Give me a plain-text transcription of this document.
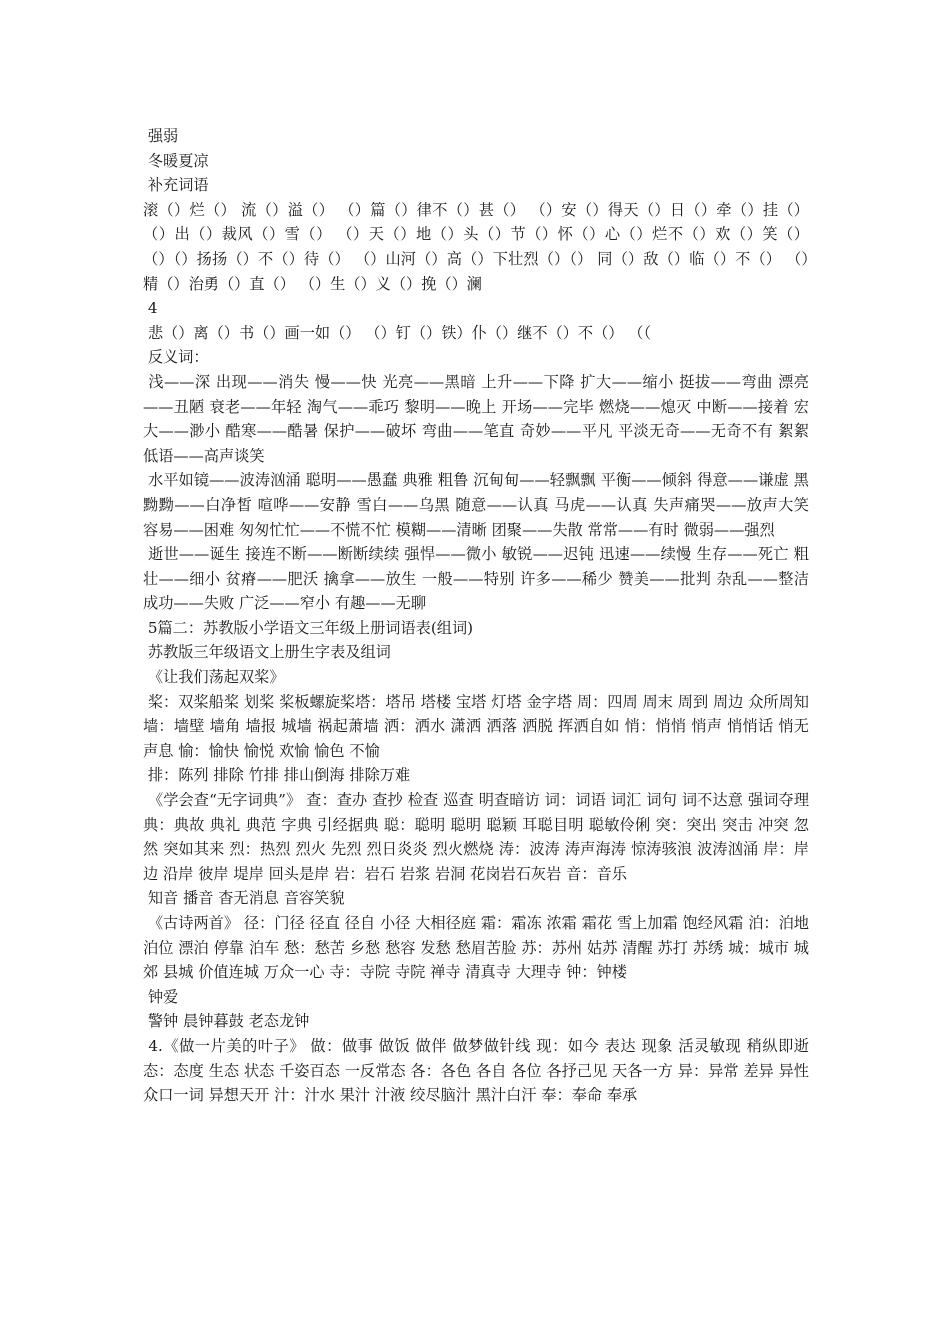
强弱

冬暖夏凉

补充词语

滚（）烂（） 流（）溢（） （）篇（）律不（）甚（） （）安（）得天（）日（）牵（）挂（） （）出（）裁风（）雪（） （）天（）地（）头（）节（）怀（）心（）烂不（）欢（）笑（） （）（）扬扬（）不（）待（） （）山河（）高（）下壮烈（）（） 同（）敌（）临（）不（） （）精（）治勇（）直（） （）生（）义（）挽（）澜

4

悲（）离（）书（）画一如（） （）钉（）铁）仆（）继不（）不（） （（

反义词：

浅——深 出现——消失 慢——快 光亮——黑暗 上升——下降 扩大——缩小 挺拔——弯曲 漂亮——丑陋 衰老——年轻 淘气——乖巧 黎明——晚上 开场——完毕 燃烧——熄灭 中断——接着 宏大——渺小 酷寒——酷暑 保护——破坏 弯曲——笔直 奇妙——平凡 平淡无奇——无奇不有 絮絮低语——高声谈笑

水平如镜——波涛汹涌 聪明——愚蠢 典雅 粗鲁 沉甸甸——轻飘飘 平衡——倾斜 得意——谦虚 黑黝黝——白净皙 喧哗——安静 雪白——乌黑 随意——认真 马虎——认真 失声痛哭——放声大笑 容易——困难 匆匆忙忙——不慌不忙 模糊——清晰 团聚——失散 常常——有时 微弱——强烈

逝世——诞生 接连不断——断断续续 强悍——微小 敏锐——迟钝 迅速——续慢 生存——死亡 粗壮——细小 贫瘠——肥沃 擒拿——放生 一般——特别 许多——稀少 赞美——批判 杂乱——整洁 成功——失败 广泛——窄小 有趣——无聊

5篇二：苏教版小学语文三年级上册词语表(组词)

苏教版三年级语文上册生字表及组词

《让我们荡起双桨》

桨：双桨船桨 划桨 桨板螺旋桨塔：塔吊 塔楼 宝塔 灯塔 金字塔 周：四周 周末 周到 周边 众所周知 墙：墙壁 墙角 墙报 城墙 祸起萧墙 洒：洒水 潇洒 洒落 洒脱 挥洒自如 悄：悄悄 悄声 悄悄话 悄无声息 愉：愉快 愉悦 欢愉 愉色 不愉

排：陈列 排除 竹排 排山倒海 排除万难

《学会查“无字词典”》 查：查办 查抄 检查 巡查 明查暗访 词：词语 词汇 词句 词不达意 强词夺理 典：典故 典礼 典范 字典 引经据典 聪：聪明 聪明 聪颖 耳聪目明 聪敏伶俐 突：突出 突击 冲突 忽然 突如其来 烈：热烈 烈火 先烈 烈日炎炎 烈火燃烧 涛：波涛 涛声海涛 惊涛骇浪 波涛汹涌 岸：岸边 沿岸 彼岸 堤岸 回头是岸 岩：岩石 岩浆 岩洞 花岗岩石灰岩 音：音乐

知音 播音 杳无消息 音容笑貌

《古诗两首》 径：门径 径直 径自 小径 大相径庭 霜：霜冻 浓霜 霜花 雪上加霜 饱经风霜 泊：泊地 泊位 漂泊 停靠 泊车 愁：愁苦 乡愁 愁容 发愁 愁眉苦脸 苏：苏州 姑苏 清醒 苏打 苏绣 城：城市 城郊 县城 价值连城 万众一心 寺：寺院 寺院 禅寺 清真寺 大理寺 钟：钟楼

钟爱

警钟 晨钟暮鼓 老态龙钟

4.《做一片美的叶子》 做：做事 做饭 做伴 做梦做针线 现：如今 表达 现象 活灵敏现 稍纵即逝 态：态度 生态 状态 千姿百态 一反常态 各：各色 各自 各位 各抒己见 天各一方 异：异常 差异 异性 众口一词 异想天开 汁：汁水 果汁 汁液 绞尽脑汁 黑汁白汗 奉：奉命 奉承
